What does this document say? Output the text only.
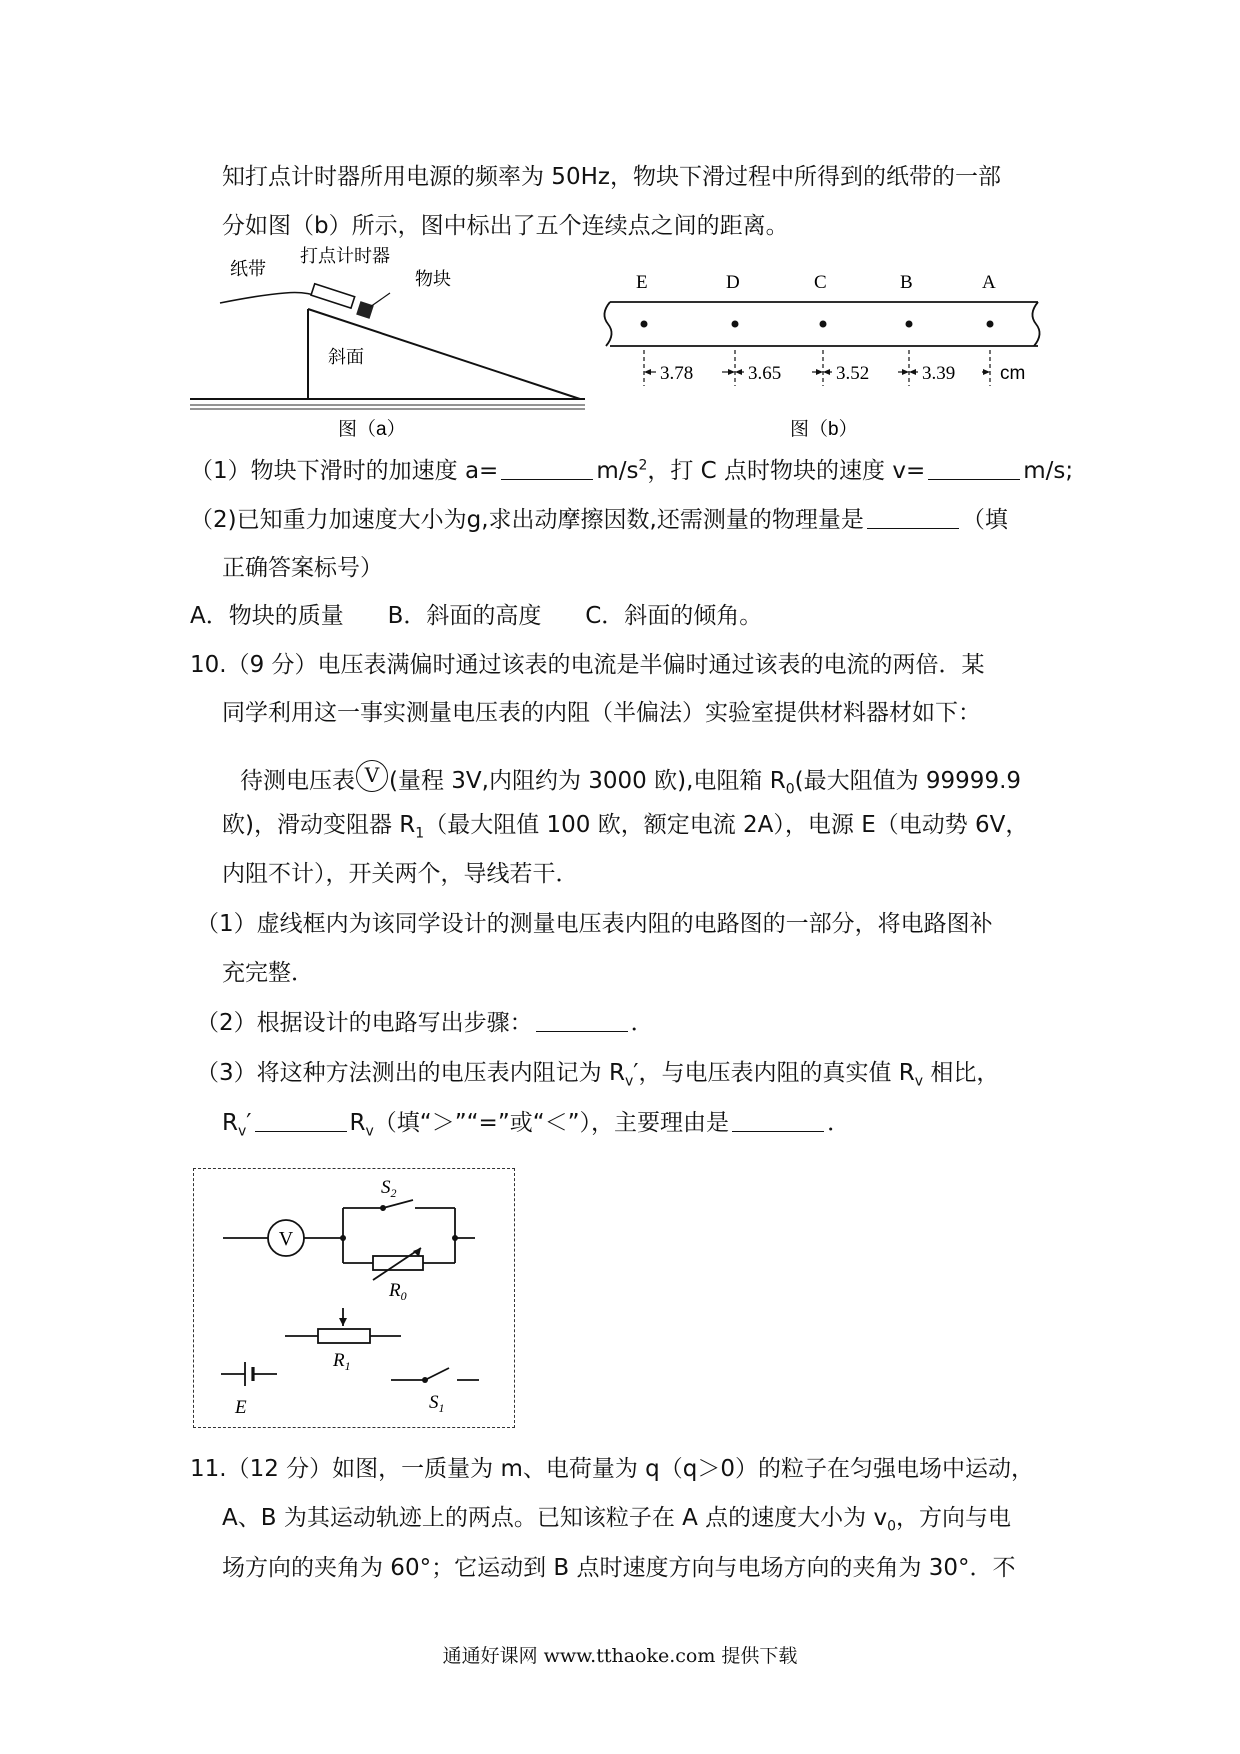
知打点计时器所用电源的频率为 50Hz，物块下滑过程中所得到的纸带的一部
分如图（b）所示，图中标出了五个连续点之间的距离。
纸带
打点计时器
物块
斜面
图（a）
E	D	C	B	A
3.78	3.65	3.52	3.39 cm
图（b）
（1）物块下滑时的加速度 a=	$m/s^2$，打 C 点时物块的速度 v=	m/s;
（2)已知重力加速度大小为g,求出动摩擦因数,还需测量的物理量是	（填
正确答案标号）
A．物块的质量      B．斜面的高度      C．斜面的倾角。
10.（9 分）电压表满偏时通过该表的电流是半偏时通过该表的电流的两倍．某
同学利用这一事实测量电压表的内阻（半偏法）实验室提供材料器材如下：
待测电压表 V (量程 3V,内阻约为 3000 欧),电阻箱 $R_0$(最大阻值为 99999.9
欧)，滑动变阻器 $R_1$（最大阻值 100 欧，额定电流 2A），电源 E（电动势 6V，
内阻不计），开关两个，导线若干．
（1）虚线框内为该同学设计的测量电压表内阻的电路图的一部分，将电路图补
充完整．
（2）根据设计的电路写出步骤：	．
（3）将这种方法测出的电压表内阻记为 $R_v'$，与电压表内阻的真实值 $R_v$ 相比，
$R_v'$	$R_v$（填“＞”“=”或“＜”），主要理由是	．
V
$S_2$
$R_0$
$R_1$
E	$S_1$
11.（12 分）如图，一质量为 m、电荷量为 q（q＞0）的粒子在匀强电场中运动，
A、B 为其运动轨迹上的两点。已知该粒子在 A 点的速度大小为 $v_0$，方向与电
场方向的夹角为 60°；它运动到 B 点时速度方向与电场方向的夹角为 30°．不
通通好课网 www.tthaoke.com 提供下载
